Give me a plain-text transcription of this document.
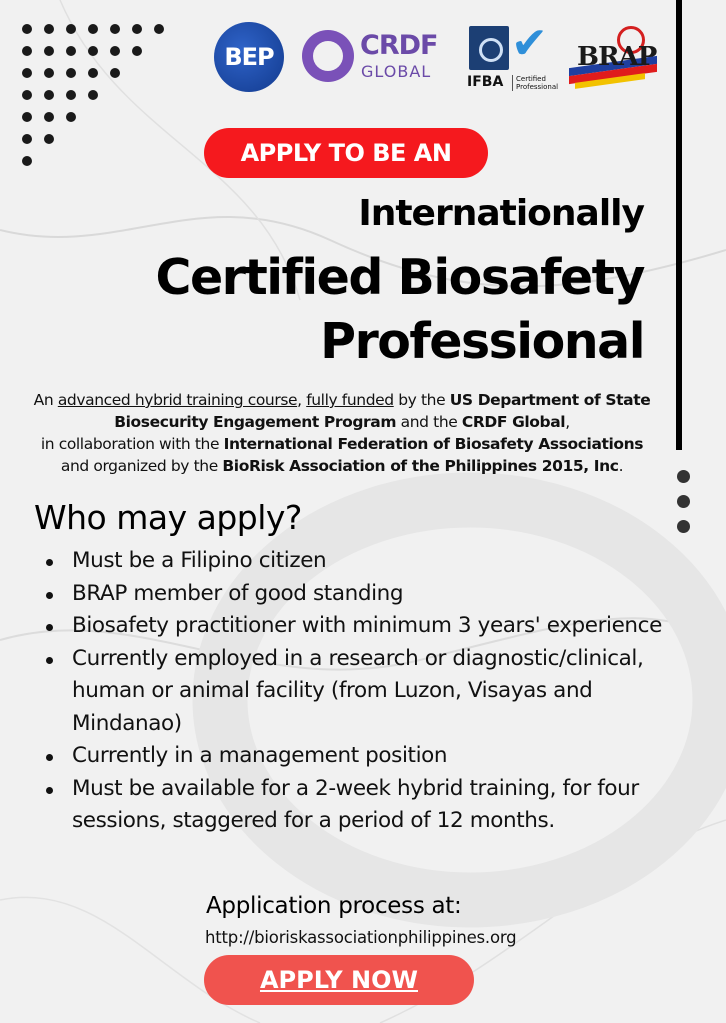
BEP	CRDF
GLOBAL
✔
IFBA	Certified
Professional
BRAP
APPLY TO BE AN
Internationally
Certified Biosafety
Professional
An advanced hybrid training course, fully funded by the US Department of State Biosecurity Engagement Program and the CRDF Global,
in collaboration with the International Federation of Biosafety Associations
and organized by the BioRisk Association of the Philippines 2015, Inc.
Who may apply?
Must be a Filipino citizen
BRAP member of good standing
Biosafety practitioner with minimum 3 years' experience
Currently employed in a research or diagnostic/clinical, human or animal facility (from Luzon, Visayas and Mindanao)
Currently in a management position
Must be available for a 2-week hybrid training, for four sessions, staggered for a period of 12 months.
Application process at:
http://bioriskassociationphilippines.org
APPLY NOW
